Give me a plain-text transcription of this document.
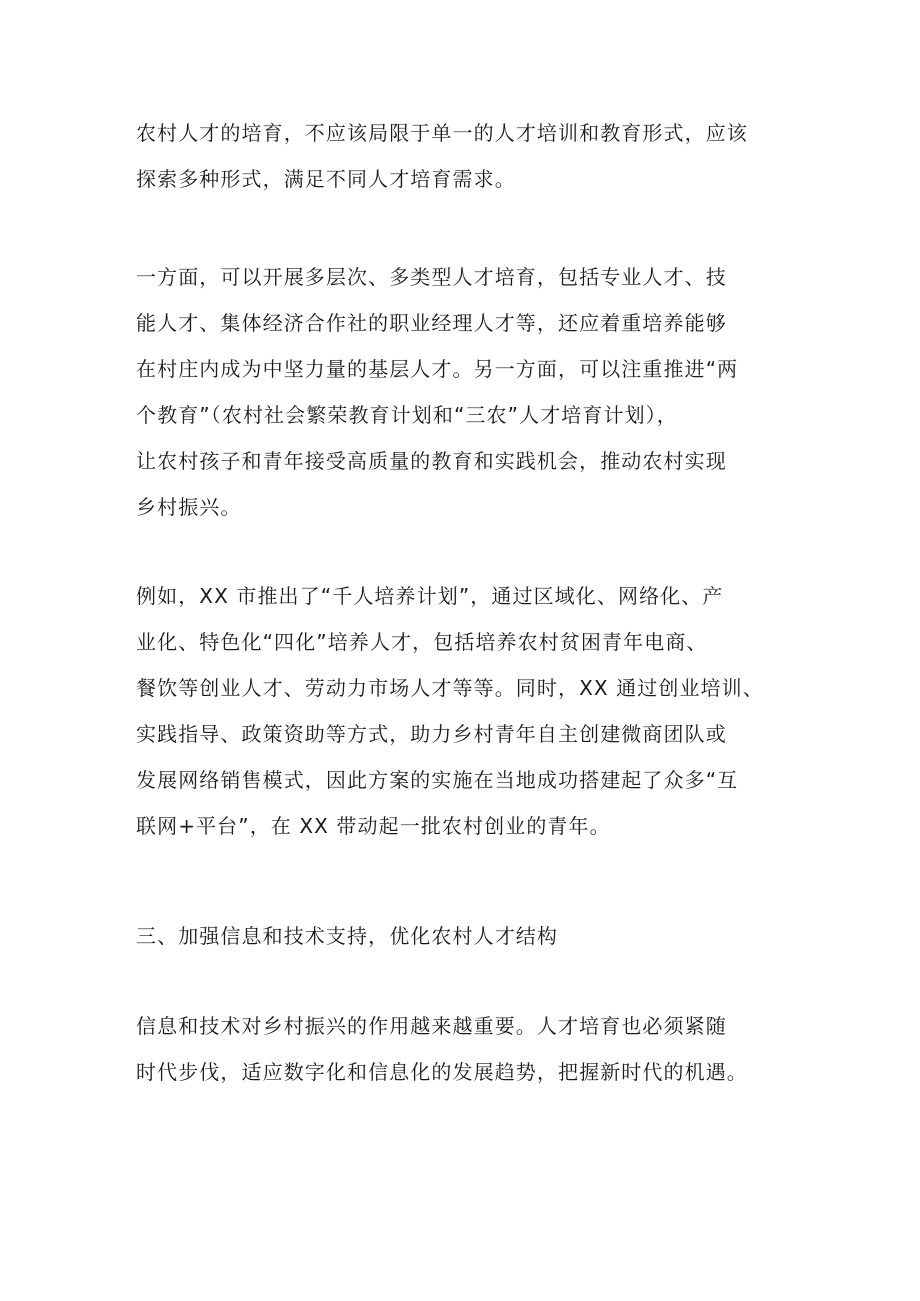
农村人才的培育，不应该局限于单一的人才培训和教育形式，应该
探索多种形式，满足不同人才培育需求。

一方面，可以开展多层次、多类型人才培育，包括专业人才、技
能人才、集体经济合作社的职业经理人才等，还应着重培养能够
在村庄内成为中坚力量的基层人才。另一方面，可以注重推进“两
个教育”（农村社会繁荣教育计划和“三农”人才培育计划），
让农村孩子和青年接受高质量的教育和实践机会，推动农村实现
乡村振兴。

例如，XX 市推出了“千人培养计划”，通过区域化、网络化、产
业化、特色化“四化”培养人才，包括培养农村贫困青年电商、
餐饮等创业人才、劳动力市场人才等等。同时，XX 通过创业培训、
实践指导、政策资助等方式，助力乡村青年自主创建微商团队或
发展网络销售模式，因此方案的实施在当地成功搭建起了众多“互
联网+平台”，在 XX 带动起一批农村创业的青年。

三、加强信息和技术支持，优化农村人才结构

信息和技术对乡村振兴的作用越来越重要。人才培育也必须紧随
时代步伐，适应数字化和信息化的发展趋势，把握新时代的机遇。
